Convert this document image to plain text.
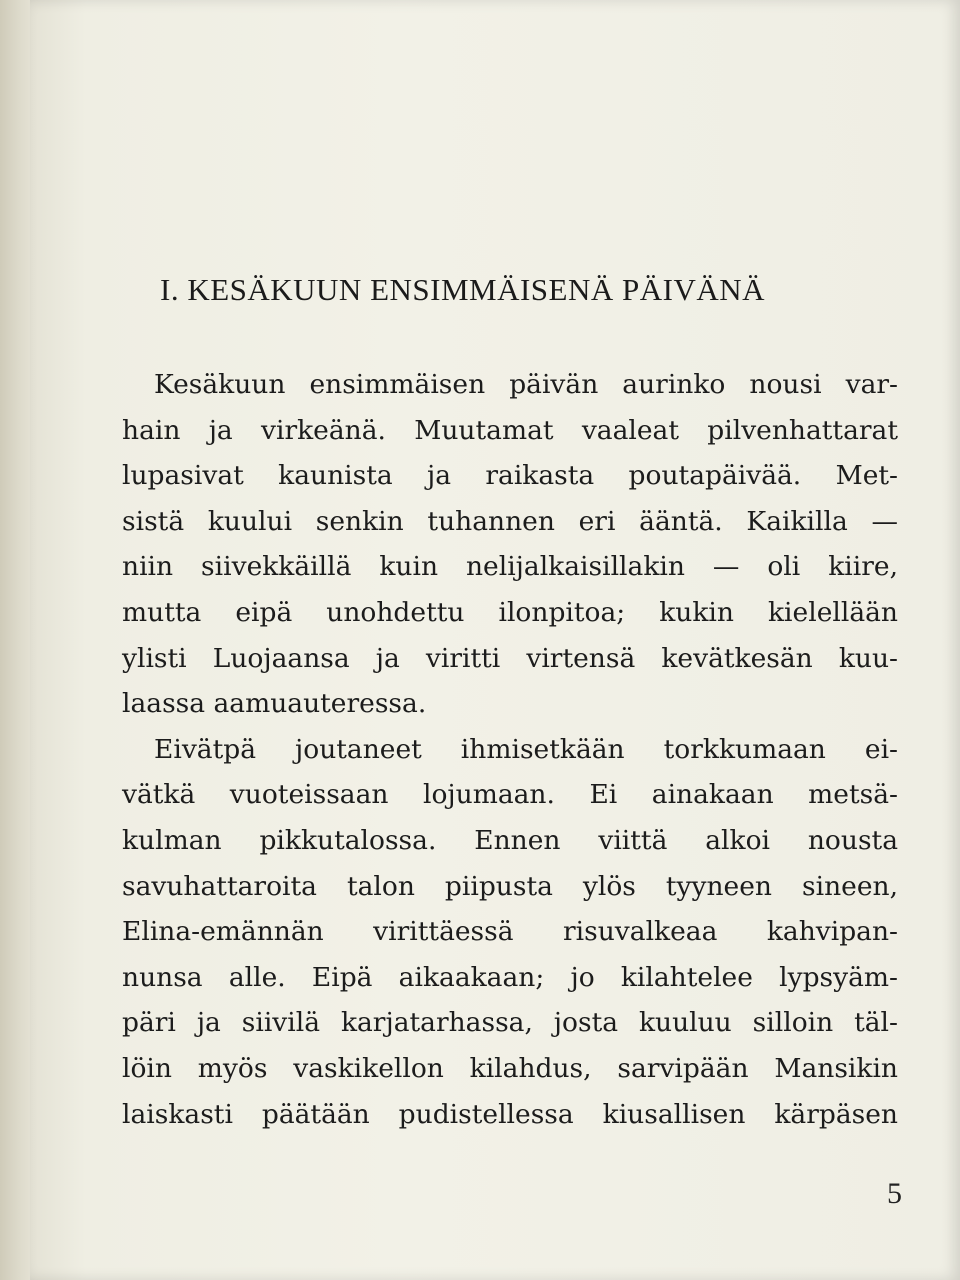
I. KESÄKUUN ENSIMMÄISENÄ PÄIVÄNÄ
Kesäkuun ensimmäisen päivän aurinko nousi var-
hain ja virkeänä. Muutamat vaaleat pilvenhattarat
lupasivat kaunista ja raikasta poutapäivää. Met-
sistä kuului senkin tuhannen eri ääntä. Kaikilla —
niin siivekkäillä kuin nelijalkaisillakin — oli kiire,
mutta eipä unohdettu ilonpitoa; kukin kielellään
ylisti Luojaansa ja viritti virtensä kevätkesän kuu-
laassa aamuauteressa.
Eivätpä joutaneet ihmisetkään torkkumaan ei-
vätkä vuoteissaan lojumaan. Ei ainakaan metsä-
kulman pikkutalossa. Ennen viittä alkoi nousta
savuhattaroita talon piipusta ylös tyyneen sineen,
Elina-emännän virittäessä risuvalkeaa kahvipan-
nunsa alle. Eipä aikaakaan; jo kilahtelee lypsyäm-
päri ja siivilä karjatarhassa, josta kuuluu silloin täl-
löin myös vaskikellon kilahdus, sarvipään Mansikin
laiskasti päätään pudistellessa kiusallisen kärpäsen
5
